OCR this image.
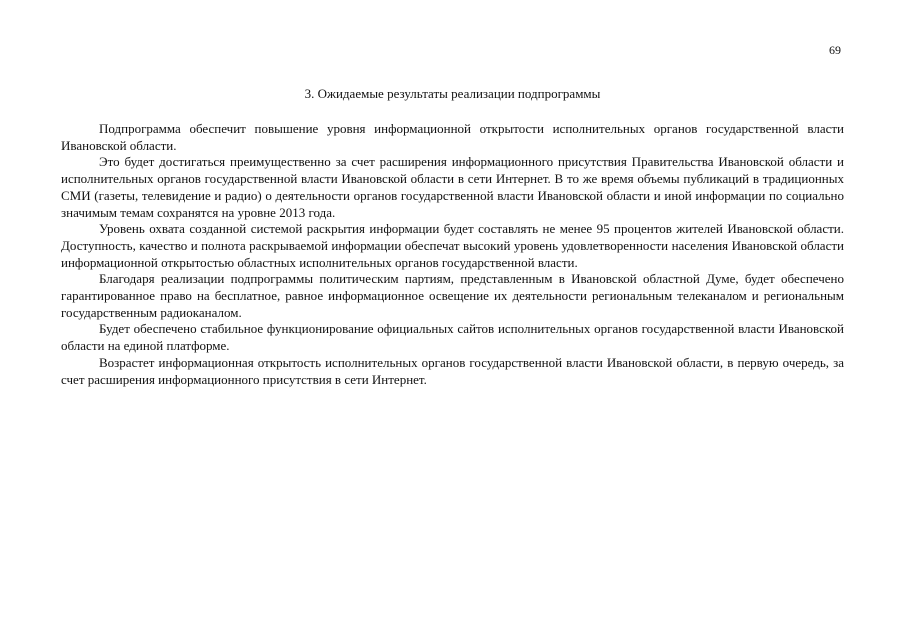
69
3. Ожидаемые результаты реализации подпрограммы

Подпрограмма обеспечит повышение уровня информационной открытости исполнительных органов государственной власти Ивановской области.

Это будет достигаться преимущественно за счет расширения информационного присутствия Правительства Ивановской области и исполнительных органов государственной власти Ивановской области в сети Интернет. В то же время объемы публикаций в традиционных СМИ (газеты, телевидение и радио) о деятельности органов государственной власти Ивановской области и иной информации по социально значимым темам сохранятся на уровне 2013 года.

Уровень охвата созданной системой раскрытия информации будет составлять не менее 95 процентов жителей Ивановской области. Доступность, качество и полнота раскрываемой информации обеспечат высокий уровень удовлетворенности населения Ивановской области информационной открытостью областных исполнительных органов государственной власти.

Благодаря реализации подпрограммы политическим партиям, представленным в Ивановской областной Думе, будет обеспечено гарантированное право на бесплатное, равное информационное освещение их деятельности региональным телеканалом и региональным государственным радиоканалом.

Будет обеспечено стабильное функционирование официальных сайтов исполнительных органов государственной власти Ивановской области на единой платформе.

Возрастет информационная открытость исполнительных органов государственной власти Ивановской области, в первую очередь, за счет расширения информационного присутствия в сети Интернет.
